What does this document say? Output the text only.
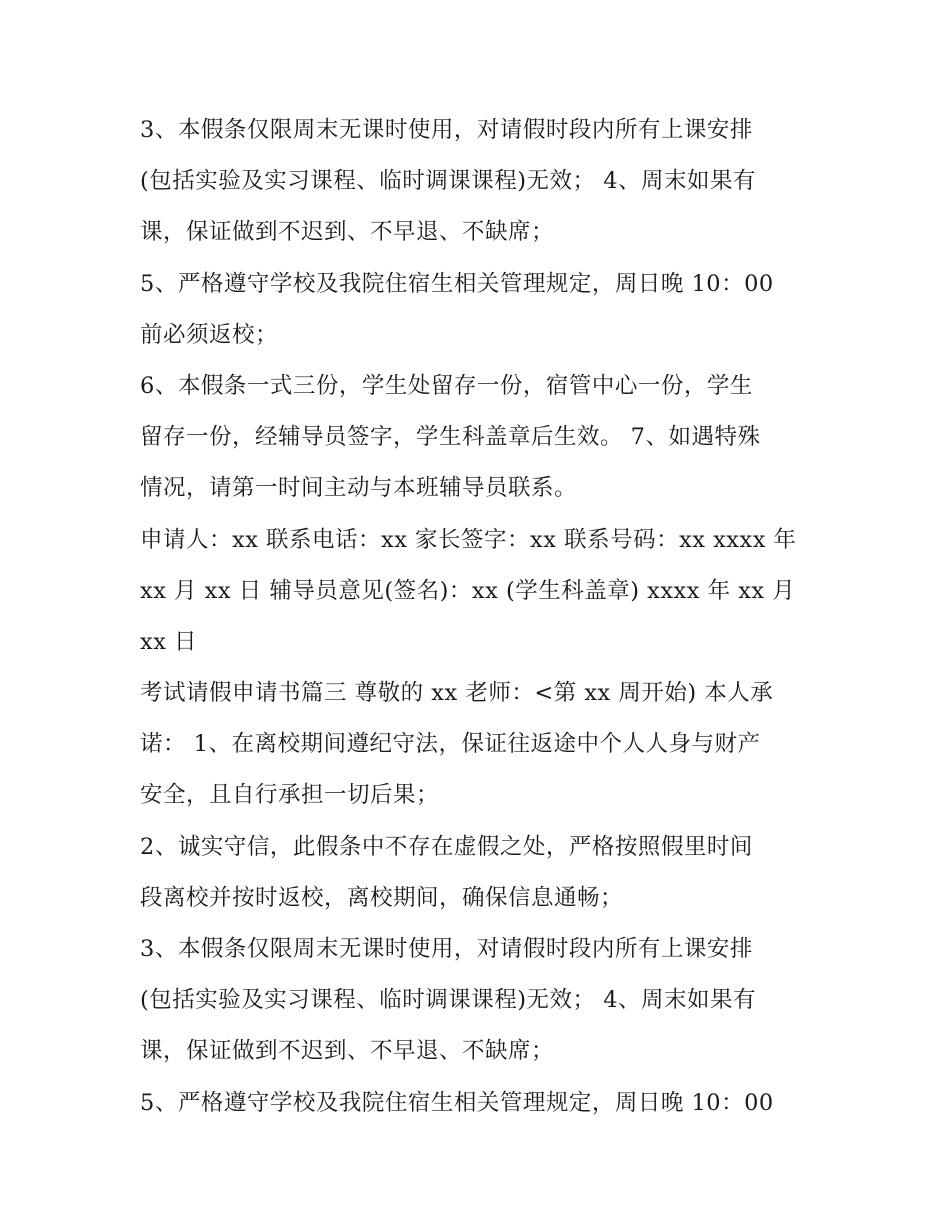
3、本假条仅限周末无课时使用，对请假时段内所有上课安排
(包括实验及实习课程、临时调课课程)无效； 4、周末如果有
课，保证做到不迟到、不早退、不缺席；
5、严格遵守学校及我院住宿生相关管理规定，周日晚 10：00
前必须返校；
6、本假条一式三份，学生处留存一份，宿管中心一份，学生
留存一份，经辅导员签字，学生科盖章后生效。 7、如遇特殊
情况，请第一时间主动与本班辅导员联系。
申请人：xx 联系电话：xx 家长签字：xx 联系号码：xx xxxx 年
xx 月 xx 日 辅导员意见(签名)：xx (学生科盖章) xxxx 年 xx 月
xx 日
考试请假申请书篇三 尊敬的 xx 老师：<第 xx 周开始) 本人承
诺： 1、在离校期间遵纪守法，保证往返途中个人人身与财产
安全，且自行承担一切后果；
2、诚实守信，此假条中不存在虚假之处，严格按照假里时间
段离校并按时返校，离校期间，确保信息通畅；
3、本假条仅限周末无课时使用，对请假时段内所有上课安排
(包括实验及实习课程、临时调课课程)无效； 4、周末如果有
课，保证做到不迟到、不早退、不缺席；
5、严格遵守学校及我院住宿生相关管理规定，周日晚 10：00
